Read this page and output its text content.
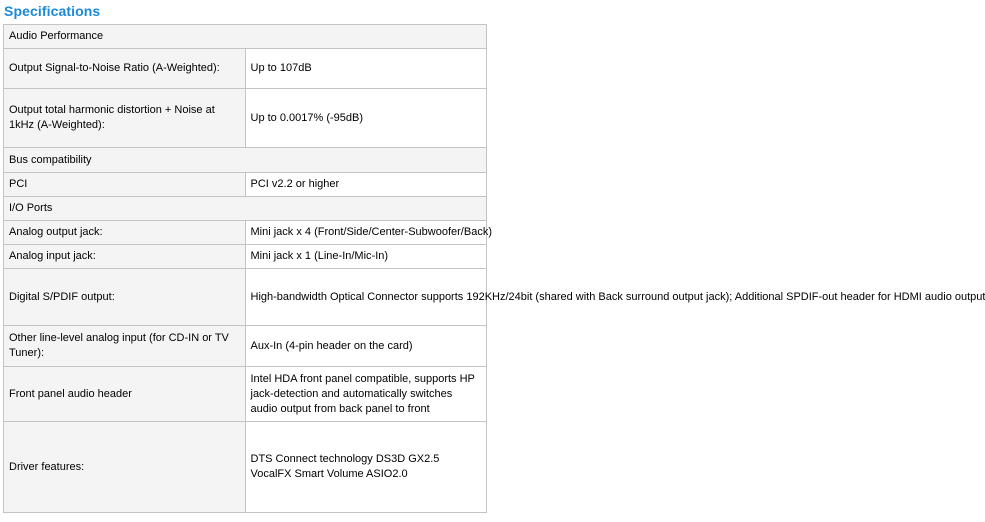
Specifications
Audio Performance	
Output Signal-to-Noise Ratio (A-Weighted):	Up to 107dB
Output total harmonic distortion + Noise at 1kHz (A-Weighted):	Up to 0.0017% (-95dB)
Bus compatibility	
PCI	PCI v2.2 or higher
I/O Ports	
Analog output jack:	Mini jack x 4 (Front/Side/Center-Subwoofer/Back)
Analog input jack:	Mini jack x 1 (Line-In/Mic-In)
Digital S/PDIF output:	High-bandwidth Optical Connector supports 192KHz/24bit (shared with Back surround output jack); Additional SPDIF-out header for HDMI audio output
Other line-level analog input (for CD-IN or TV Tuner):	Aux-In (4-pin header on the card)
Front panel audio header	Intel HDA front panel compatible, supports HP jack-detection and automatically switches audio output from back panel to front
Driver features:	DTS Connect technology DS3D GX2.5 VocalFX Smart Volume ASIO2.0
